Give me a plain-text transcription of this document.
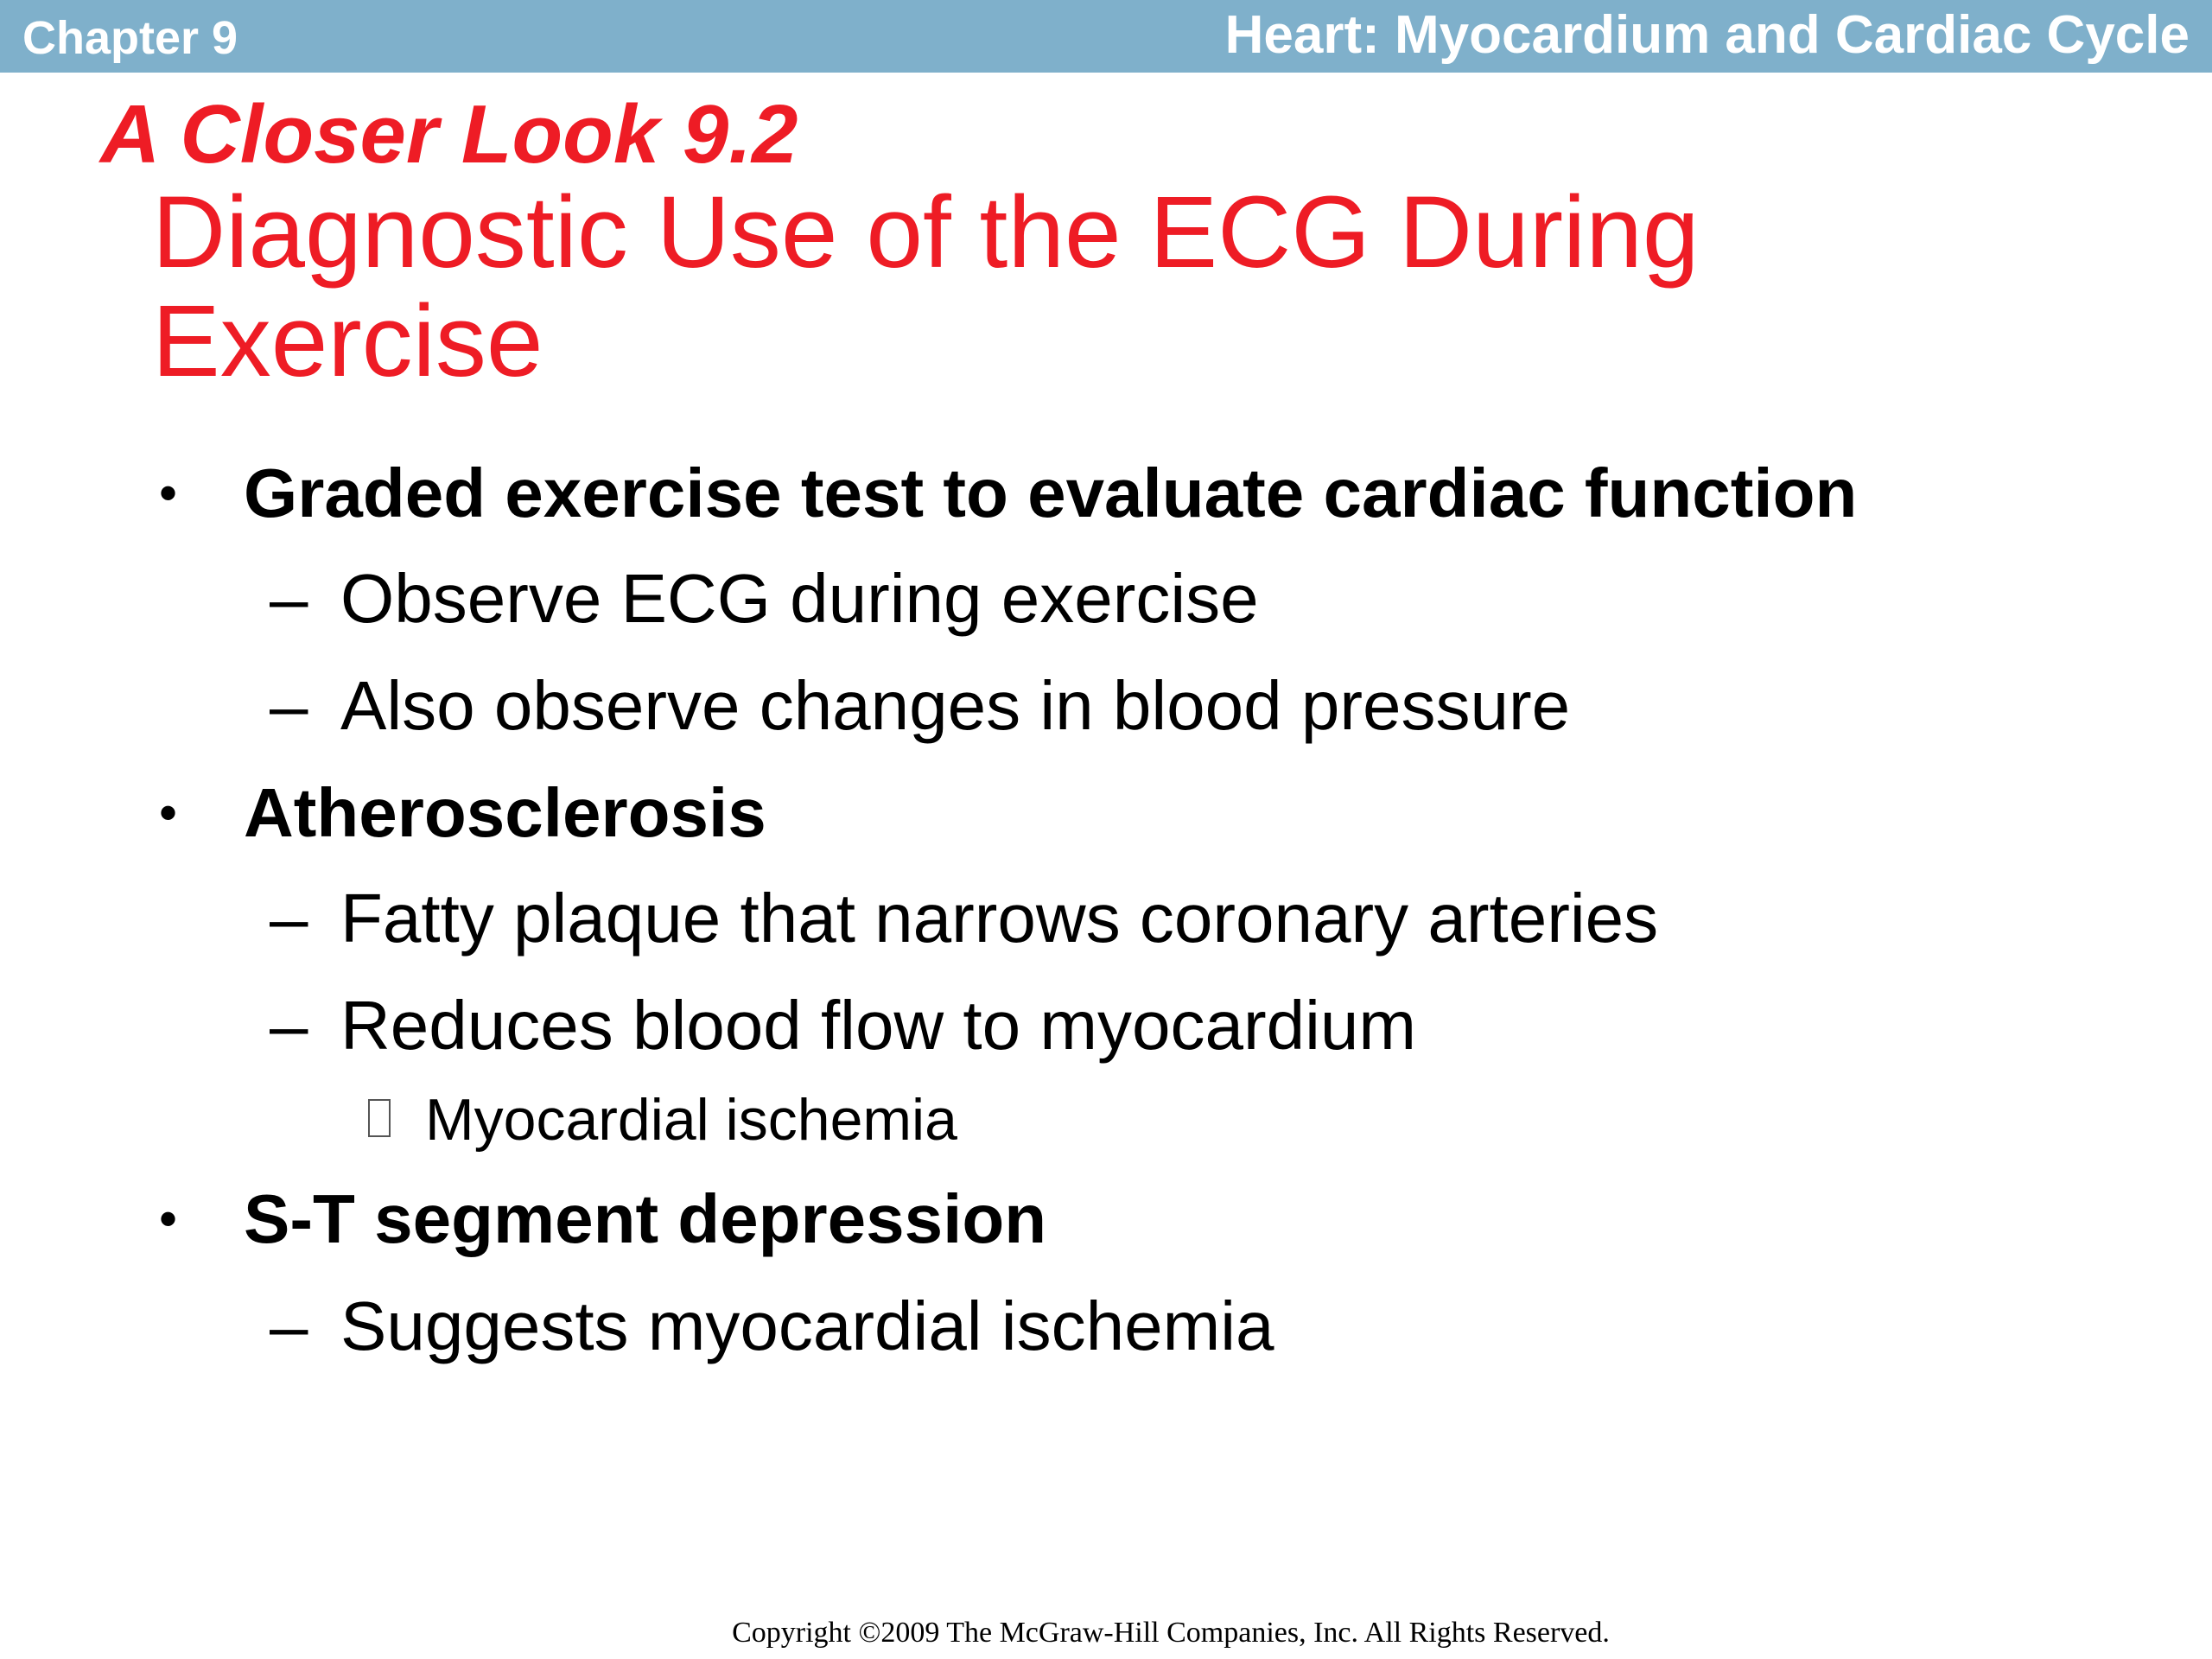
Chapter 9	Heart: Myocardium and Cardiac Cycle
A Closer Look 9.2
Diagnostic Use of the ECG During Exercise
• Graded exercise test to evaluate cardiac function
– Observe ECG during exercise
– Also observe changes in blood pressure
• Atherosclerosis
– Fatty plaque that narrows coronary arteries
– Reduces blood flow to myocardium
Myocardial ischemia
• S-T segment depression
– Suggests myocardial ischemia
Copyright ©2009 The McGraw-Hill Companies, Inc. All Rights Reserved.
